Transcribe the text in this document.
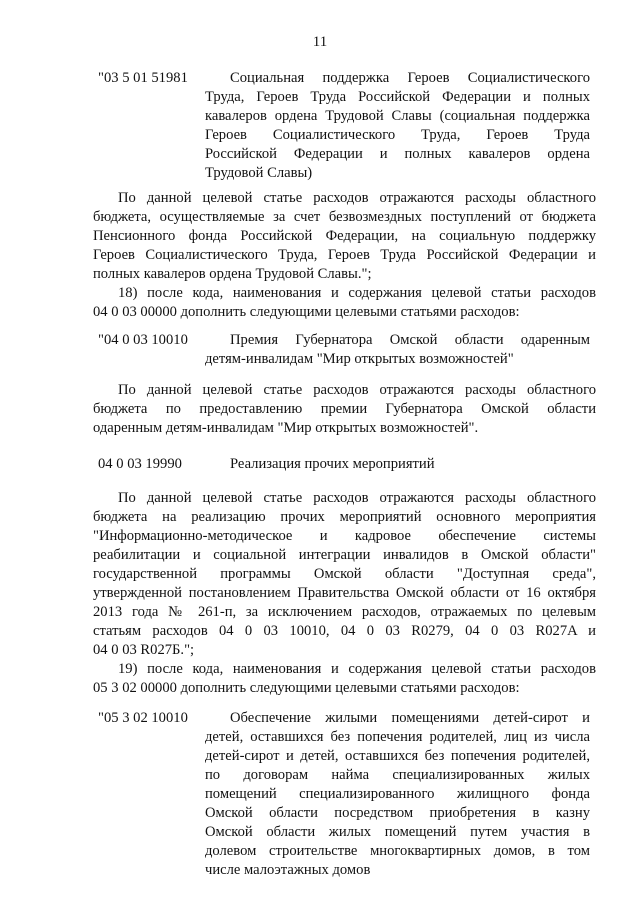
11
"03 5 01 51981	Социальная поддержка Героев Социалистического
Труда, Героев Труда Российской Федерации и полных
кавалеров ордена Трудовой Славы (социальная поддержка
Героев Социалистического Труда, Героев Труда
Российской Федерации и полных кавалеров ордена
Трудовой Славы)
По данной целевой статье расходов отражаются расходы областного
бюджета, осуществляемые за счет безвозмездных поступлений от бюджета
Пенсионного фонда Российской Федерации, на социальную поддержку
Героев Социалистического Труда, Героев Труда Российской Федерации и
полных кавалеров ордена Трудовой Славы.";
18) после кода, наименования и содержания целевой статьи расходов
04 0 03 00000 дополнить следующими целевыми статьями расходов:
"04 0 03 10010	Премия Губернатора Омской области одаренным
детям-инвалидам "Мир открытых возможностей"
По данной целевой статье расходов отражаются расходы областного
бюджета по предоставлению премии Губернатора Омской области
одаренным детям-инвалидам "Мир открытых возможностей".
04 0 03 19990	Реализация прочих мероприятий
По данной целевой статье расходов отражаются расходы областного
бюджета на реализацию прочих мероприятий основного мероприятия
"Информационно-методическое и кадровое обеспечение системы
реабилитации и социальной интеграции инвалидов в Омской области"
государственной программы Омской области "Доступная среда",
утвержденной постановлением Правительства Омской области от 16 октября
2013 года № 261-п, за исключением расходов, отражаемых по целевым
статьям расходов 04 0 03 10010, 04 0 03 R0279, 04 0 03 R027A и
04 0 03 R027Б.";
19) после кода, наименования и содержания целевой статьи расходов
05 3 02 00000 дополнить следующими целевыми статьями расходов:
"05 3 02 10010	Обеспечение жилыми помещениями детей-сирот и
детей, оставшихся без попечения родителей, лиц из числа
детей-сирот и детей, оставшихся без попечения родителей,
по договорам найма специализированных жилых
помещений специализированного жилищного фонда
Омской области посредством приобретения в казну
Омской области жилых помещений путем участия в
долевом строительстве многоквартирных домов, в том
числе малоэтажных домов
